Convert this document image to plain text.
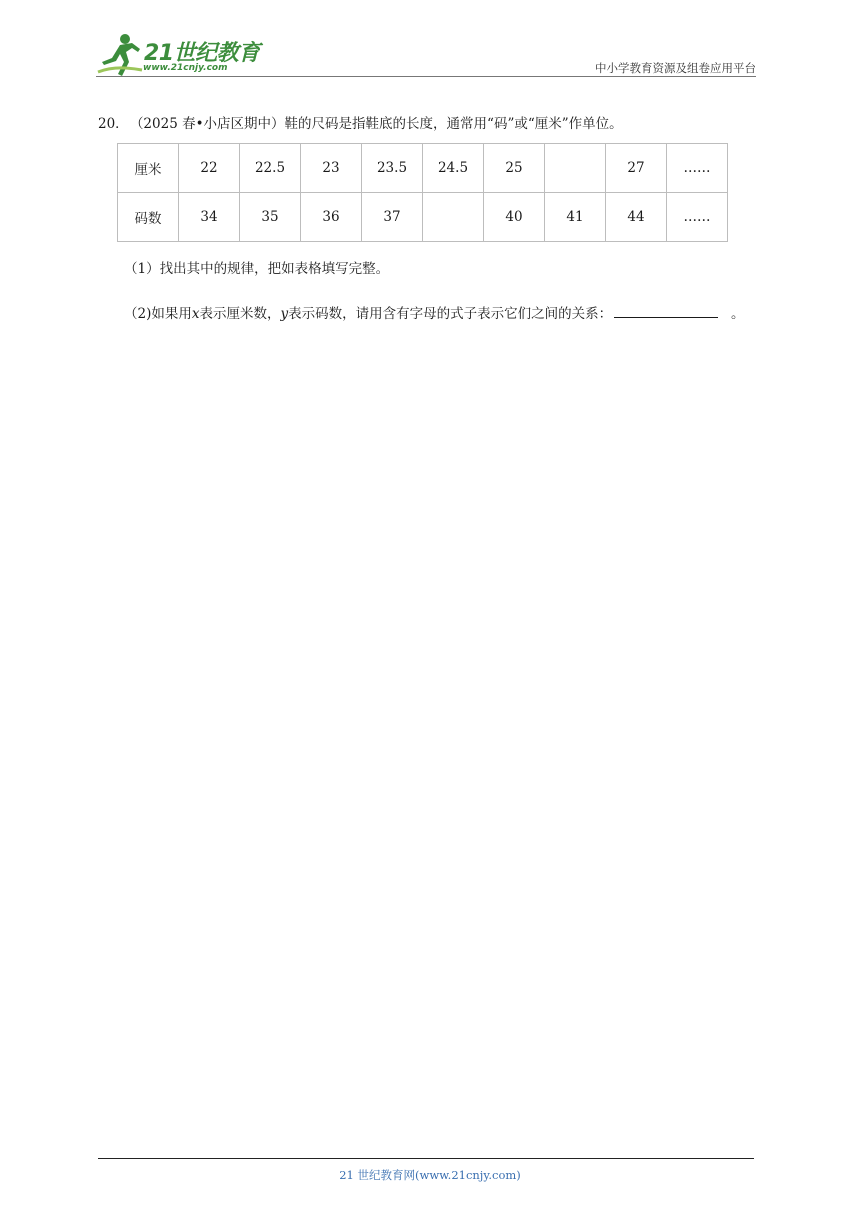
21世纪教育
www.21cnjy.com	中小学教育资源及组卷应用平台
20． （2025 春•小店区期中）鞋的尺码是指鞋底的长度，通常用“码”或“厘米”作单位。
厘米	22	22.5	23	23.5	24.5	25		27	……
码数	34	35	36	37		40	41	44	……
（1）找出其中的规律，把如表格填写完整。
（2)如果用x表示厘米数，y表示码数，请用含有字母的式子表示它们之间的关系：	。
21 世纪教育网(www.21cnjy.com)
